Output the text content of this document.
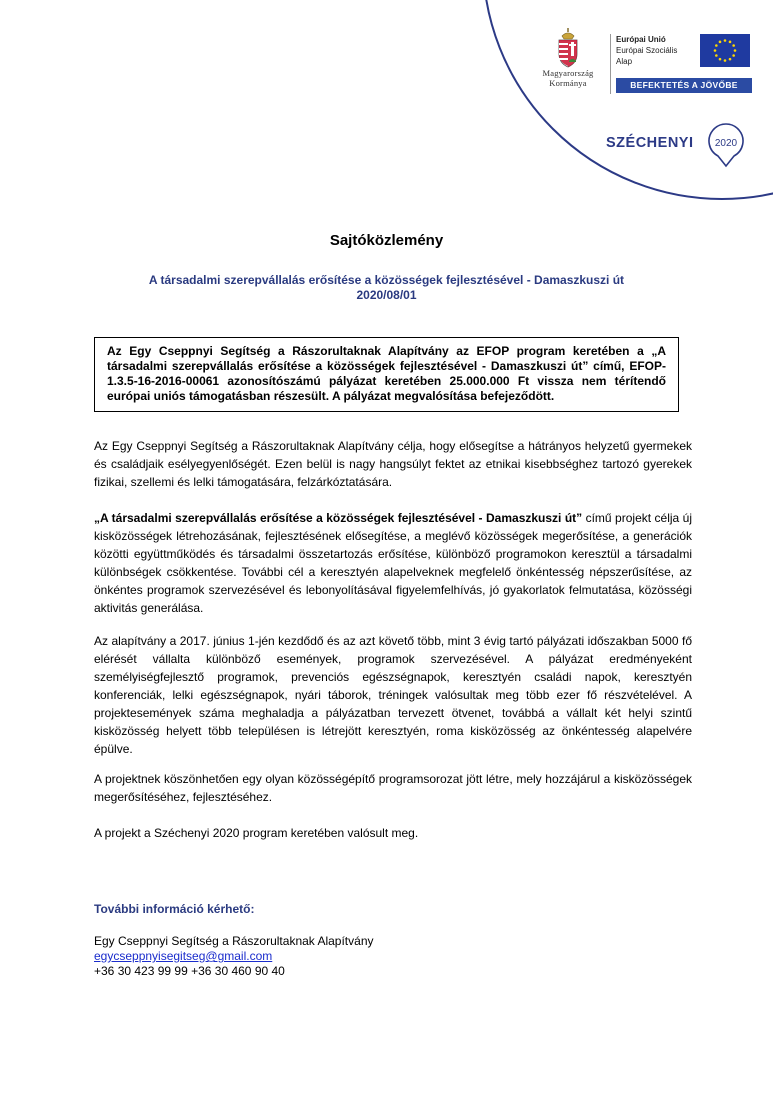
Magyarország
Kormánya
Európai Unió
Európai Szociális
Alap
BEFEKTETÉS A JÖVŐBE
SZÉCHENYI 2020
Sajtóközlemény
A társadalmi szerepvállalás erősítése a közösségek fejlesztésével - Damaszkuszi út
2020/08/01
Az Egy Cseppnyi Segítség a Rászorultaknak Alapítvány az EFOP program keretében a „A társadalmi szerepvállalás erősítése a közösségek fejlesztésével - Damaszkuszi út” című, EFOP-1.3.5-16-2016-00061 azonosítószámú pályázat keretében 25.000.000 Ft vissza nem térítendő európai uniós támogatásban részesült. A pályázat megvalósítása befejeződött.

Az Egy Cseppnyi Segítség a Rászorultaknak Alapítvány célja, hogy elősegítse a hátrányos helyzetű gyermekek és családjaik esélyegyenlőségét. Ezen belül is nagy hangsúlyt fektet az etnikai kisebbséghez tartozó gyerekek fizikai, szellemi és lelki támogatására, felzárkóztatására.

„A társadalmi szerepvállalás erősítése a közösségek fejlesztésével - Damaszkuszi út” című projekt célja új kisközösségek létrehozásának, fejlesztésének elősegítése, a meglévő közösségek megerősítése, a generációk közötti együttműködés és társadalmi összetartozás erősítése, különböző programokon keresztül a társadalmi különbségek csökkentése. További cél a keresztyén alapelveknek megfelelő önkéntesség népszerűsítése, az önkéntes programok szervezésével és lebonyolításával figyelemfelhívás, jó gyakorlatok felmutatása, közösségi aktivitás generálása.

Az alapítvány a 2017. június 1-jén kezdődő és az azt követő több, mint 3 évig tartó pályázati időszakban 5000 fő elérését vállalta különböző események, programok szervezésével. A pályázat eredményeként személyiségfejlesztő programok, prevenciós egészségnapok, keresztyén családi napok, keresztyén konferenciák, lelki egészségnapok, nyári táborok, tréningek valósultak meg több ezer fő részvételével. A projektesemények száma meghaladja a pályázatban tervezett ötvenet, továbbá a vállalt két helyi szintű kisközösség helyett több településen is létrejött keresztyén, roma kisközösség az önkéntesség alapelvére épülve.

A projektnek köszönhetően egy olyan közösségépítő programsorozat jött létre, mely hozzájárul a kisközösségek megerősítéséhez, fejlesztéséhez.

A projekt a Széchenyi 2020 program keretében valósult meg.

További információ kérhető:
Egy Cseppnyi Segítség a Rászorultaknak Alapítvány
egycseppnyisegitseg@gmail.com
+36 30 423 99 99 +36 30 460 90 40
